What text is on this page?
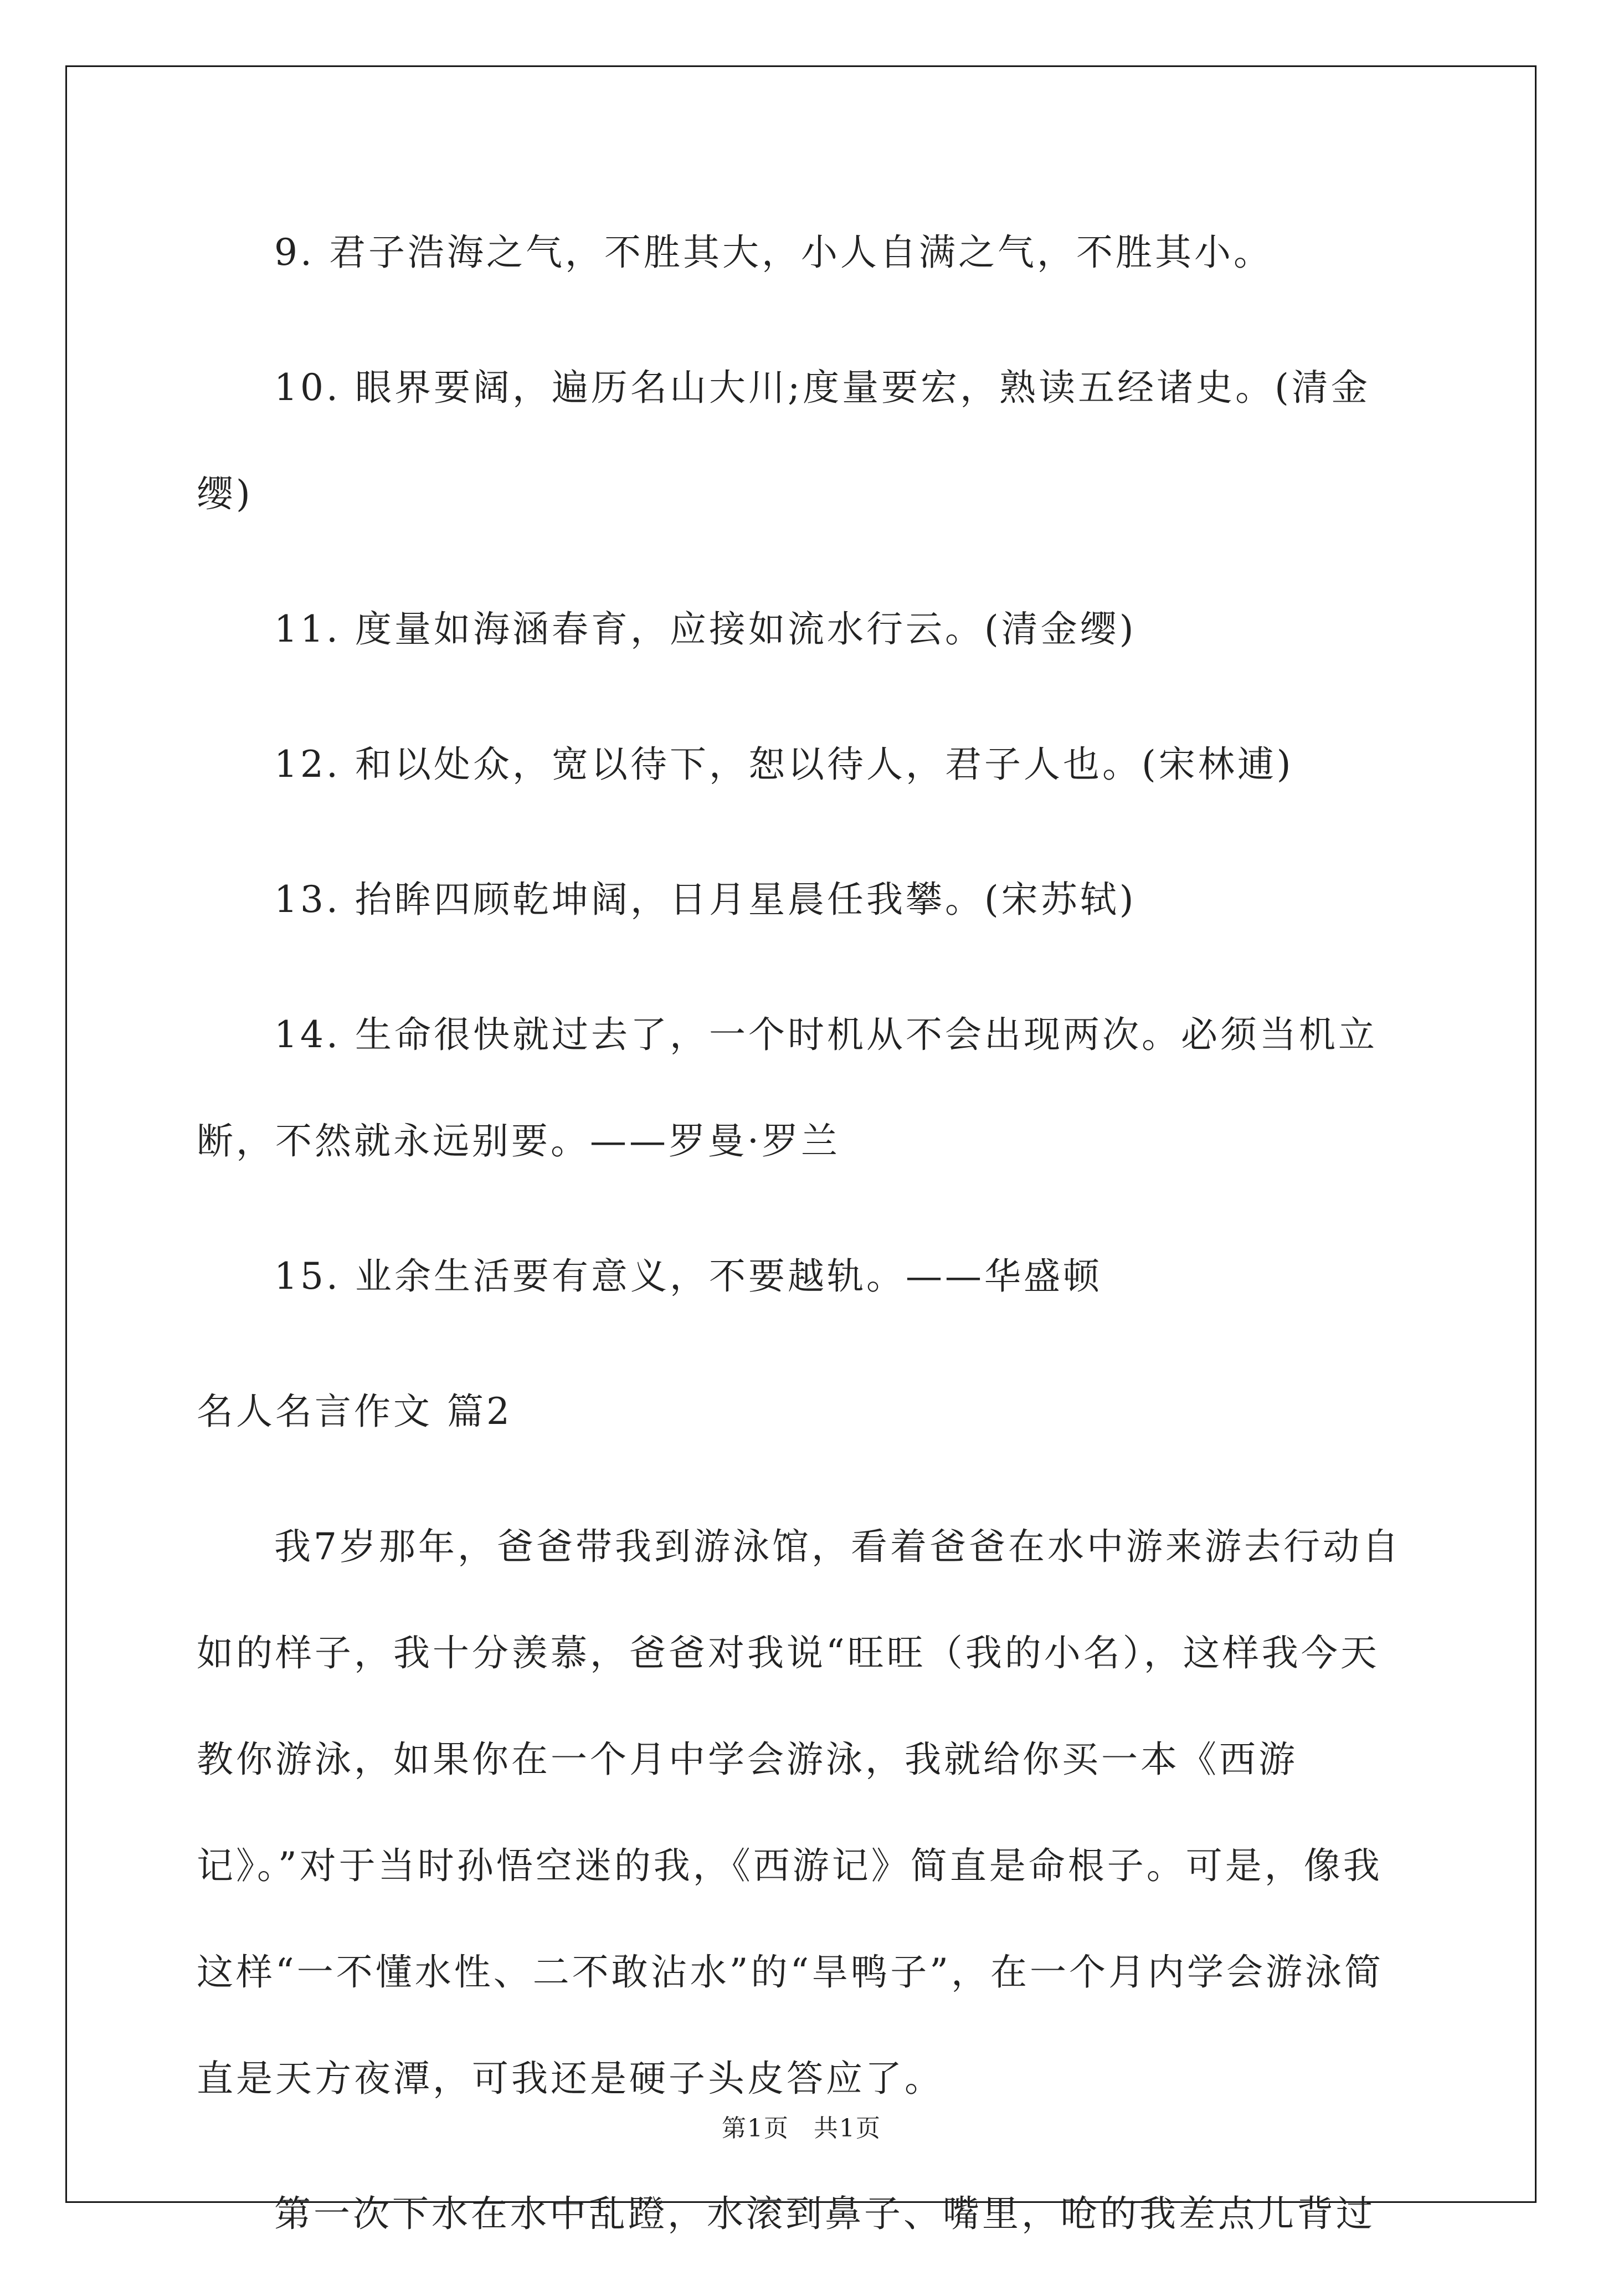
9. 君子浩海之气，不胜其大，小人自满之气，不胜其小。

10. 眼界要阔，遍历名山大川;度量要宏，熟读五经诸史。(清金缨)

11. 度量如海涵春育，应接如流水行云。(清金缨)

12. 和以处众，宽以待下，恕以待人，君子人也。(宋林逋)

13. 抬眸四顾乾坤阔，日月星晨任我攀。(宋苏轼)

14. 生命很快就过去了，一个时机从不会出现两次。必须当机立断，不然就永远别要。——罗曼·罗兰

15. 业余生活要有意义，不要越轨。——华盛顿

名人名言作文 篇2

我7岁那年，爸爸带我到游泳馆，看着爸爸在水中游来游去行动自如的样子，我十分羡慕，爸爸对我说“旺旺（我的小名），这样我今天教你游泳，如果你在一个月中学会游泳，我就给你买一本《西游记》。”对于当时孙悟空迷的我，《西游记》简直是命根子。可是，像我这样“一不懂水性、二不敢沾水”的“旱鸭子”，在一个月内学会游泳简直是天方夜潭，可我还是硬子头皮答应了。

第一次下水在水中乱蹬，水滚到鼻子、嘴里，呛的我差点儿背过

第1页 共1页
